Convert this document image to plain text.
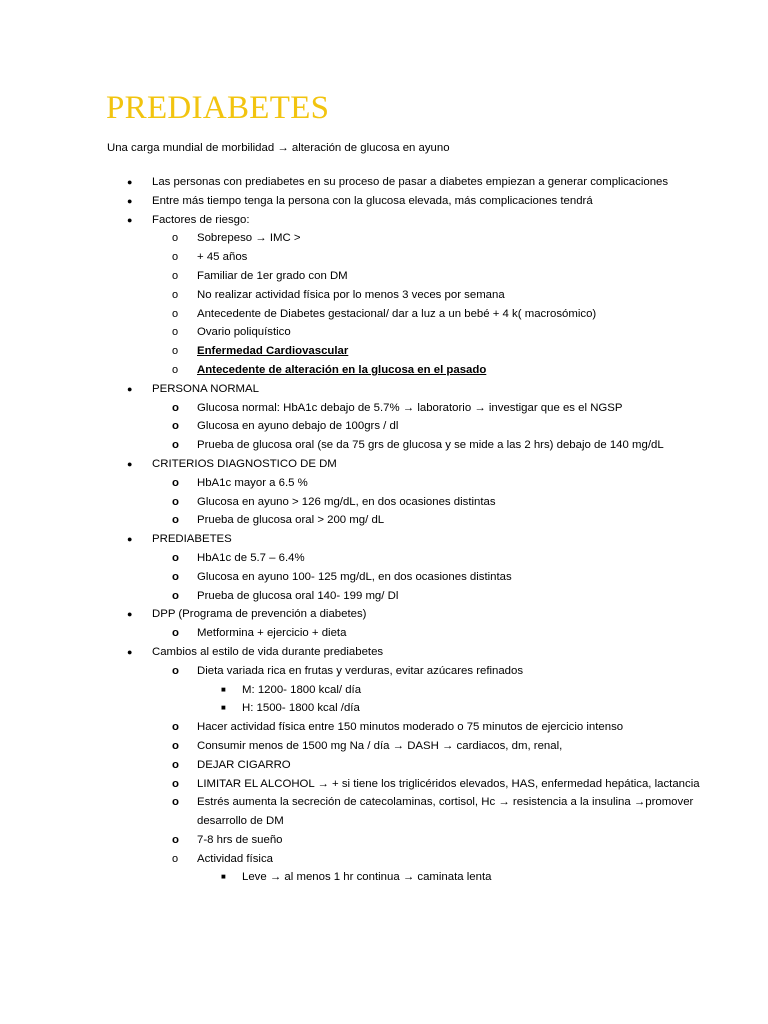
PREDIABETES
Una carga mundial de morbilidad → alteración de glucosa en ayuno
● Las personas con prediabetes en su proceso de pasar a diabetes empiezan a generar complicaciones
● Entre más tiempo tenga la persona con la glucosa elevada, más complicaciones tendrá
● Factores de riesgo:
o Sobrepeso → IMC >
o + 45 años
o Familiar de 1er grado con DM
o No realizar actividad física por lo menos 3 veces por semana
o Antecedente de Diabetes gestacional/ dar a luz a un bebé + 4 k( macrosómico)
o Ovario poliquístico
o Enfermedad Cardiovascular
o Antecedente de alteración en la glucosa en el pasado
● PERSONA NORMAL
o Glucosa normal: HbA1c debajo de 5.7% → laboratorio → investigar que es el NGSP
o Glucosa en ayuno debajo de 100grs / dl
o Prueba de glucosa oral (se da 75 grs de glucosa y se mide a las 2 hrs) debajo de 140 mg/dL
● CRITERIOS DIAGNOSTICO DE DM
o HbA1c mayor a 6.5 %
o Glucosa en ayuno > 126 mg/dL, en dos ocasiones distintas
o Prueba de glucosa oral > 200 mg/ dL
● PREDIABETES
o HbA1c de 5.7 – 6.4%
o Glucosa en ayuno 100- 125 mg/dL, en dos ocasiones distintas
o Prueba de glucosa oral 140- 199 mg/ Dl
● DPP (Programa de prevención a diabetes)
o Metformina + ejercicio + dieta
● Cambios al estilo de vida durante prediabetes
o Dieta variada rica en frutas y verduras, evitar azúcares refinados
■ M: 1200- 1800 kcal/ día
■ H: 1500- 1800 kcal /día
o Hacer actividad física entre 150 minutos moderado o 75 minutos de ejercicio intenso
o Consumir menos de 1500 mg Na / día → DASH → cardiacos, dm, renal,
o DEJAR CIGARRO
o LIMITAR EL ALCOHOL → + si tiene los triglicéridos elevados, HAS, enfermedad hepática, lactancia
o Estrés aumenta la secreción de catecolaminas, cortisol, Hc → resistencia a la insulina →promover desarrollo de DM
o 7-8 hrs de sueño
o Actividad física
■ Leve → al menos 1 hr continua → caminata lenta
